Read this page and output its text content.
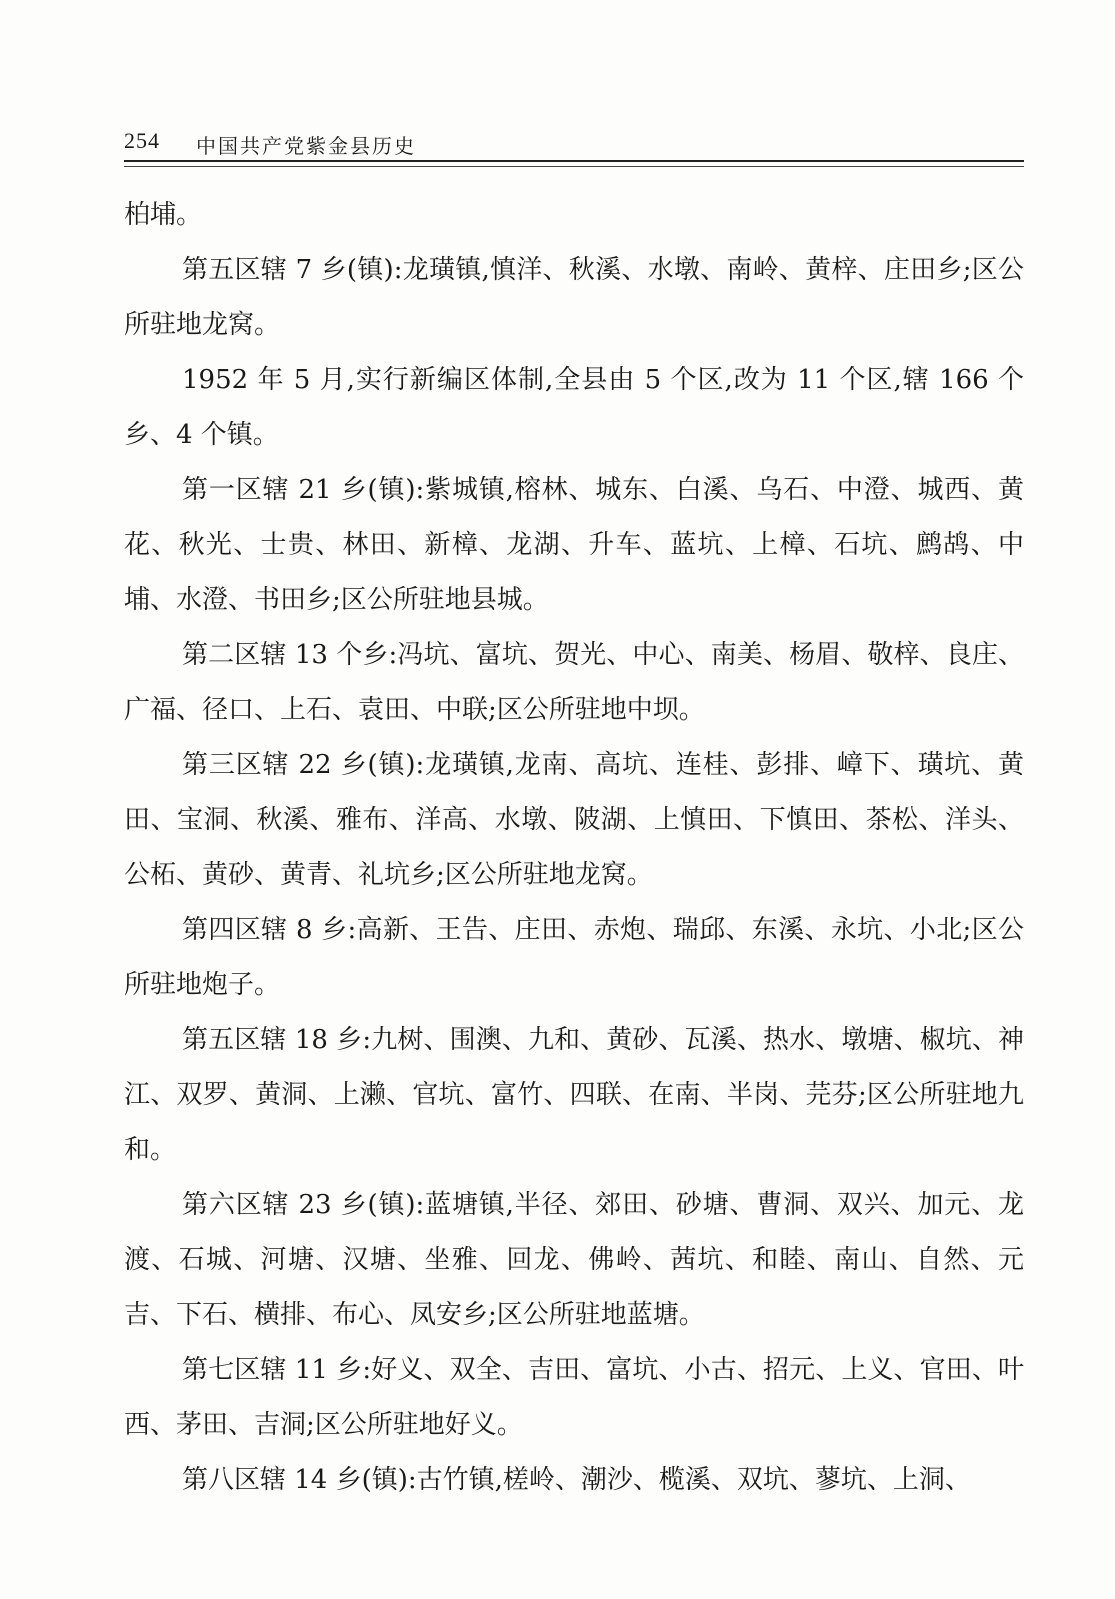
254 中国共产党紫金县历史

柏埔。

第五区辖 7 乡(镇):龙璜镇,慎洋、秋溪、水墩、南岭、黄梓、庄田乡;区公所驻地龙窝。

1952 年 5 月,实行新编区体制,全县由 5 个区,改为 11 个区,辖 166 个乡、4 个镇。

第一区辖 21 乡(镇):紫城镇,榕林、城东、白溪、乌石、中澄、城西、黄花、秋光、士贵、林田、新樟、龙湖、升车、蓝坑、上樟、石坑、鹧鸪、中埔、水澄、书田乡;区公所驻地县城。

第二区辖 13 个乡:冯坑、富坑、贺光、中心、南美、杨眉、敬梓、良庄、广福、径口、上石、袁田、中联;区公所驻地中坝。

第三区辖 22 乡(镇):龙璜镇,龙南、高坑、连桂、彭排、嶂下、璜坑、黄田、宝洞、秋溪、雅布、洋高、水墩、陂湖、上慎田、下慎田、茶松、洋头、公柘、黄砂、黄青、礼坑乡;区公所驻地龙窝。

第四区辖 8 乡:高新、王告、庄田、赤炮、瑞邱、东溪、永坑、小北;区公所驻地炮子。

第五区辖 18 乡:九树、围澳、九和、黄砂、瓦溪、热水、墩塘、椒坑、神江、双罗、黄洞、上濑、官坑、富竹、四联、在南、半岗、芫芬;区公所驻地九和。

第六区辖 23 乡(镇):蓝塘镇,半径、郊田、砂塘、曹洞、双兴、加元、龙渡、石城、河塘、汉塘、坐雅、回龙、佛岭、茜坑、和睦、南山、自然、元吉、下石、横排、布心、凤安乡;区公所驻地蓝塘。

第七区辖 11 乡:好义、双全、吉田、富坑、小古、招元、上义、官田、叶西、茅田、吉洞;区公所驻地好义。

第八区辖 14 乡(镇):古竹镇,槎岭、潮沙、榄溪、双坑、蓼坑、上洞、
